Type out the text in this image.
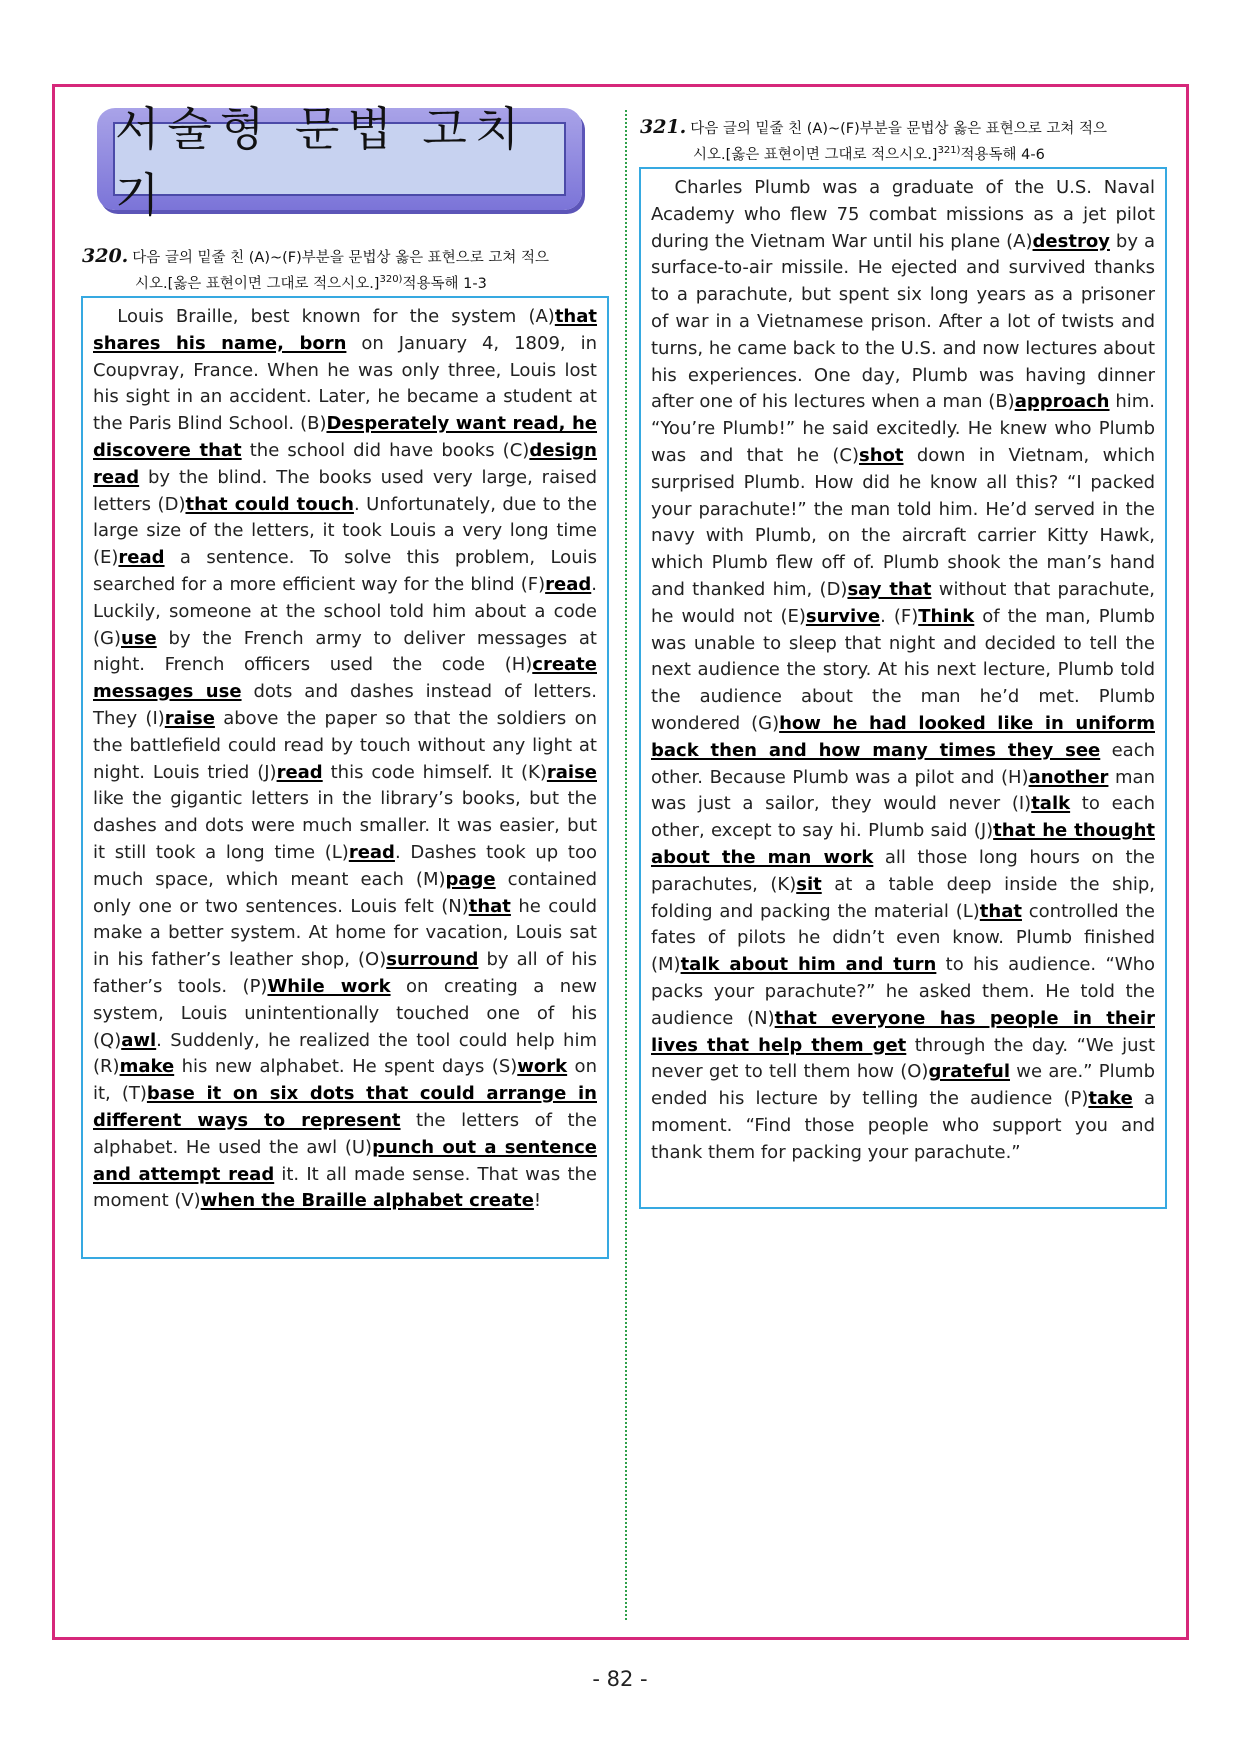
서술형 문법 고치기
320. 다음 글의 밑줄 친 (A)~(F)부분을 문법상 옳은 표현으로 고쳐 적으
시오.[옳은 표현이면 그대로 적으시오.]$^{320)}$적용독해 1-3

Louis Braille, best known for the system (A)that shares his name, born on January 4, 1809, in Coupvray, France. When he was only three, Louis lost his sight in an accident. Later, he became a student at the Paris Blind School. (B)Desperately want read, he discovere that the school did have books (C)design read by the blind. The books used very large, raised letters (D)that could touch. Unfortunately, due to the large size of the letters, it took Louis a very long time (E)read a sentence. To solve this problem, Louis searched for a more efficient way for the blind (F)read. Luckily, someone at the school told him about a code (G)use by the French army to deliver messages at night. French officers used the code (H)create messages use dots and dashes instead of letters. They (I)raise above the paper so that the soldiers on the battlefield could read by touch without any light at night. Louis tried (J)read this code himself. It (K)raise like the gigantic letters in the library’s books, but the dashes and dots were much smaller. It was easier, but it still took a long time (L)read. Dashes took up too much space, which meant each (M)page contained only one or two sentences. Louis felt (N)that he could make a better system. At home for vacation, Louis sat in his father’s leather shop, (O)surround by all of his father’s tools. (P)While work on creating a new system, Louis unintentionally touched one of his (Q)awl. Suddenly, he realized the tool could help him (R)make his new alphabet. He spent days (S)work on it, (T)base it on six dots that could arrange in different ways to represent the letters of the alphabet. He used the awl (U)punch out a sentence and attempt read it. It all made sense. That was the moment (V)when the Braille alphabet create!

321. 다음 글의 밑줄 친 (A)~(F)부분을 문법상 옳은 표현으로 고쳐 적으
시오.[옳은 표현이면 그대로 적으시오.]$^{321)}$적용독해 4-6

Charles Plumb was a graduate of the U.S. Naval Academy who flew 75 combat missions as a jet pilot during the Vietnam War until his plane (A)destroy by a surface-to-air missile. He ejected and survived thanks to a parachute, but spent six long years as a prisoner of war in a Vietnamese prison. After a lot of twists and turns, he came back to the U.S. and now lectures about his experiences. One day, Plumb was having dinner after one of his lectures when a man (B)approach him. “You’re Plumb!” he said excitedly. He knew who Plumb was and that he (C)shot down in Vietnam, which surprised Plumb. How did he know all this? “I packed your parachute!” the man told him. He’d served in the navy with Plumb, on the aircraft carrier Kitty Hawk, which Plumb flew off of. Plumb shook the man’s hand and thanked him, (D)say that without that parachute, he would not (E)survive. (F)Think of the man, Plumb was unable to sleep that night and decided to tell the next audience the story. At his next lecture, Plumb told the audience about the man he’d met. Plumb wondered (G)how he had looked like in uniform back then and how many times they see each other. Because Plumb was a pilot and (H)another man was just a sailor, they would never (I)talk to each other, except to say hi. Plumb said (J)that he thought about the man work all those long hours on the parachutes, (K)sit at a table deep inside the ship, folding and packing the material (L)that controlled the fates of pilots he didn’t even know. Plumb finished (M)talk about him and turn to his audience. “Who packs your parachute?” he asked them. He told the audience (N)that everyone has people in their lives that help them get through the day. “We just never get to tell them how (O)grateful we are.” Plumb ended his lecture by telling the audience (P)take a moment. “Find those people who support you and thank them for packing your parachute.”

- 82 -
